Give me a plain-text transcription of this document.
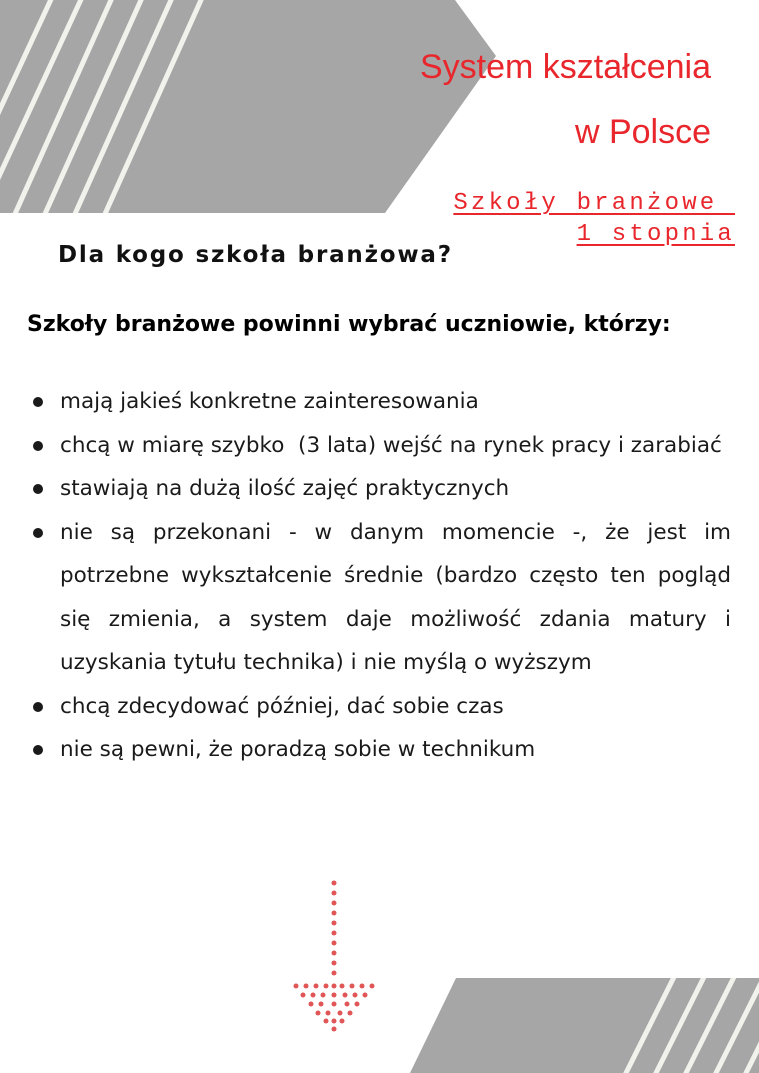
System kształcenia
w Polsce
Szkoły branżowe
1 stopnia
Dla kogo szkoła branżowa?

Szkoły branżowe powinni wybrać uczniowie, którzy:

mają jakieś konkretne zainteresowania
chcą w miarę szybko  (3 lata) wejść na rynek pracy i zarabiać
stawiają na dużą ilość zajęć praktycznych
nie są przekonani - w danym momencie -, że jest im potrzebne wykształcenie średnie (bardzo często ten pogląd się zmienia, a system daje możliwość zdania matury i uzyskania tytułu technika) i nie myślą o wyższym
chcą zdecydować później, dać sobie czas
nie są pewni, że poradzą sobie w technikum
